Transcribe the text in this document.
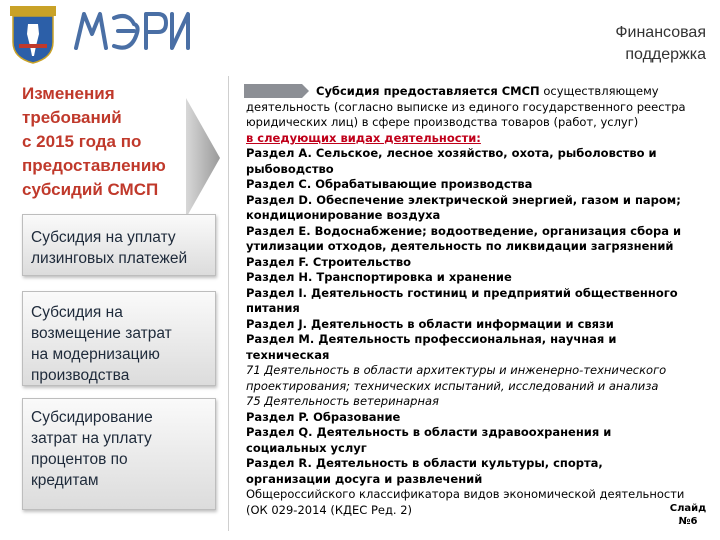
Финансовая
поддержка
Изменения
требований
с 2015 года по
предоставлению
субсидий СМСП
Субсидия на уплату
лизинговых платежей
Субсидия на
возмещение затрат
на модернизацию
производства
Субсидирование
затрат на уплату
процентов по
кредитам
Субсидия предоставляется СМСП осуществляющему
деятельность (согласно выписке из единого государственного реестра
юридических лиц) в сфере производства товаров (работ, услуг)
в следующих видах деятельности:
Раздел A. Сельское, лесное хозяйство, охота, рыболовство и
рыбоводство
Раздел C. Обрабатывающие производства
Раздел D. Обеспечение электрической энергией, газом и паром;
кондиционирование воздуха
Раздел E. Водоснабжение; водоотведение, организация сбора и
утилизации отходов, деятельность по ликвидации загрязнений
Раздел F. Строительство
Раздел H. Транспортировка и хранение
Раздел I. Деятельность гостиниц и предприятий общественного
питания
Раздел J. Деятельность в области информации и связи
Раздел M. Деятельность профессиональная, научная и
техническая
71 Деятельность в области архитектуры и инженерно-технического
проектирования; технических испытаний, исследований и анализа
75 Деятельность ветеринарная
Раздел P. Образование
Раздел Q. Деятельность в области здравоохранения и
социальных услуг
Раздел R. Деятельность в области культуры, спорта,
организации досуга и развлечений
Общероссийского классификатора видов экономической деятельности
(ОК 029-2014 (КДЕС Ред. 2)	Слайд
№6
